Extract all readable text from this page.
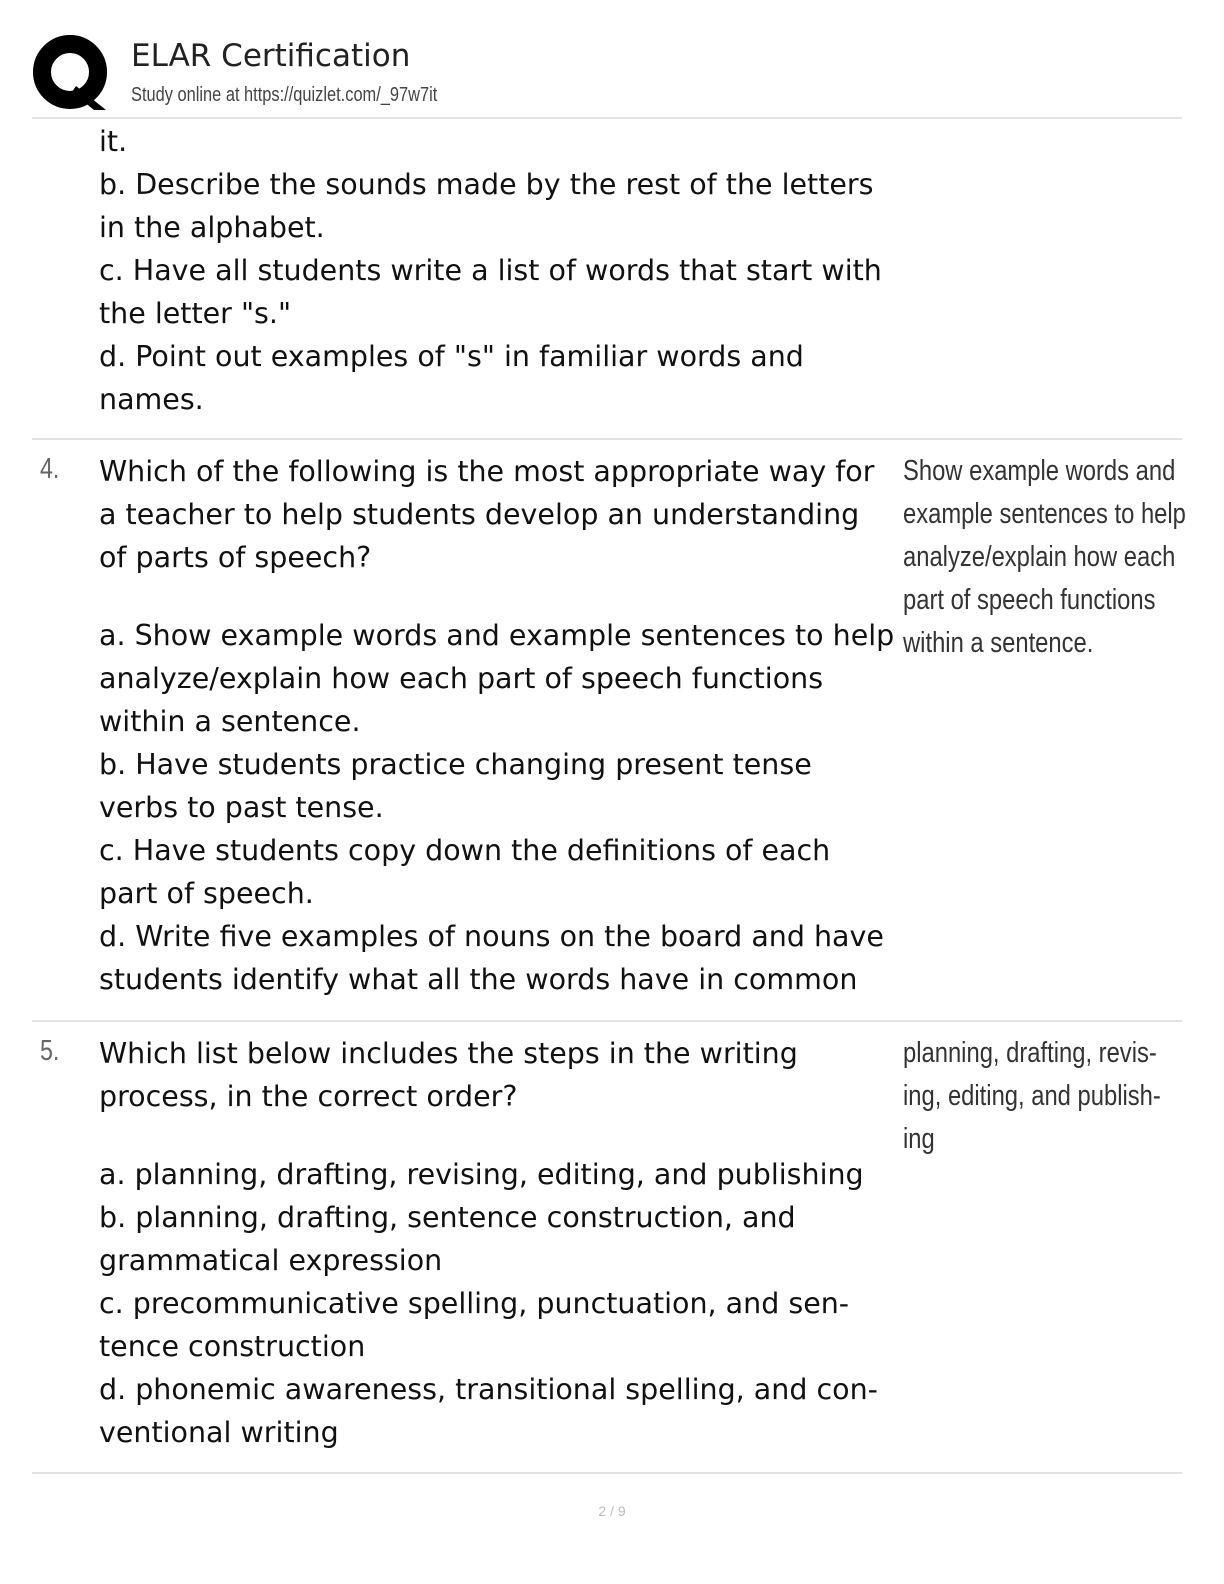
ELAR Certification
Study online at https://quizlet.com/_97w7it
it.
b. Describe the sounds made by the rest of the letters
in the alphabet.
c. Have all students write a list of words that start with
the letter "s."
d. Point out examples of "s" in familiar words and
names.
4. Which of the following is the most appropriate way for
a teacher to help students develop an understanding
of parts of speech?
a. Show example words and example sentences to help
analyze/explain how each part of speech functions
within a sentence.
b. Have students practice changing present tense
verbs to past tense.
c. Have students copy down the definitions of each
part of speech.
d. Write five examples of nouns on the board and have
students identify what all the words have in common
Show example words and
example sentences to help
analyze/explain how each
part of speech functions
within a sentence.
5. Which list below includes the steps in the writing
process, in the correct order?
a. planning, drafting, revising, editing, and publishing
b. planning, drafting, sentence construction, and
grammatical expression
c. precommunicative spelling, punctuation, and sen-
tence construction
d. phonemic awareness, transitional spelling, and con-
ventional writing
planning, drafting, revis-
ing, editing, and publish-
ing
2 / 9
